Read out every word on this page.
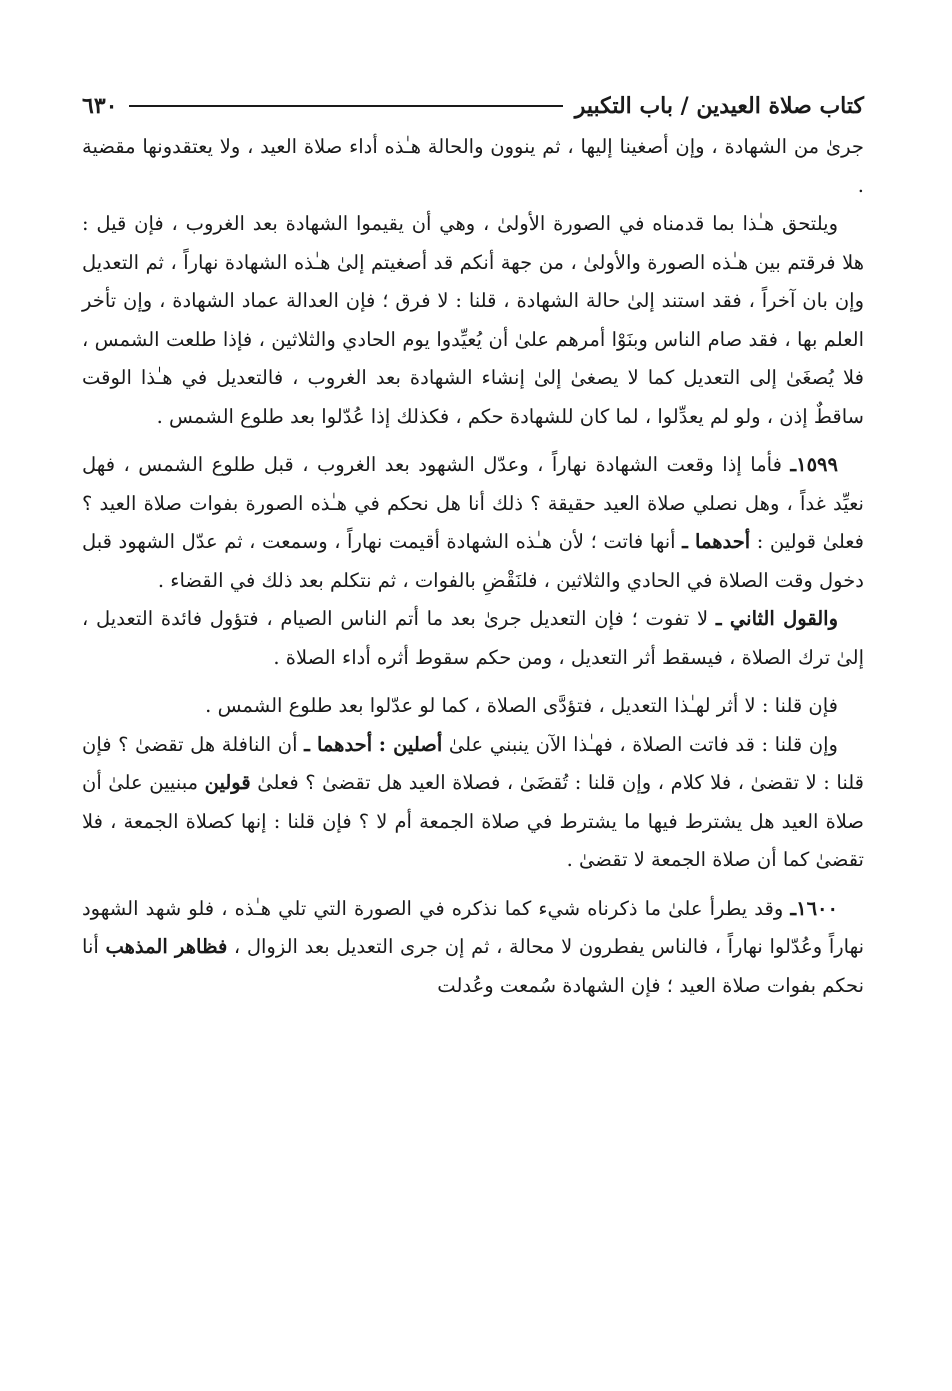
كتاب صلاة العيدين / باب التكبير
٦٣٠

جرىٰ من الشهادة ، وإن أصغينا إليها ، ثم ينوون والحالة هـٰذه أداء صلاة العيد ، ولا يعتقدونها مقضية .

ويلتحق هـٰذا بما قدمناه في الصورة الأولىٰ ، وهي أن يقيموا الشهادة بعد الغروب ، فإن قيل : هلا فرقتم بين هـٰذه الصورة والأولىٰ ، من جهة أنكم قد أصغيتم إلىٰ هـٰذه الشهادة نهاراً ، ثم التعديل وإن بان آخراً ، فقد استند إلىٰ حالة الشهادة ، قلنا : لا فرق ؛ فإن العدالة عماد الشهادة ، وإن تأخر العلم بها ، فقد صام الناس وبنَوْا أمرهم علىٰ أن يُعيِّدوا يوم الحادي والثلاثين ، فإذا طلعت الشمس ، فلا يُصغَىٰ إلى التعديل كما لا يصغىٰ إلىٰ إنشاء الشهادة بعد الغروب ، فالتعديل في هـٰذا الوقت ساقطٌ إذن ، ولو لم يعدِّلوا ، لما كان للشهادة حكم ، فكذلك إذا عُدّلوا بعد طلوع الشمس .

١٥٩٩ـ فأما إذا وقعت الشهادة نهاراً ، وعدّل الشهود بعد الغروب ، قبل طلوع الشمس ، فهل نعيِّد غداً ، وهل نصلي صلاة العيد حقيقة ؟ ذلك أنا هل نحكم في هـٰذه الصورة بفوات صلاة العيد ؟ فعلىٰ قولين : أحدهما ـ أنها فاتت ؛ لأن هـٰذه الشهادة أقيمت نهاراً ، وسمعت ، ثم عدّل الشهود قبل دخول وقت الصلاة في الحادي والثلاثين ، فلنَقْضِ بالفوات ، ثم نتكلم بعد ذلك في القضاء .

والقول الثاني ـ لا تفوت ؛ فإن التعديل جرىٰ بعد ما أتم الناس الصيام ، فتؤول فائدة التعديل ، إلىٰ ترك الصلاة ، فيسقط أثر التعديل ، ومن حكم سقوط أثره أداء الصلاة .

فإن قلنا : لا أثر لهـٰذا التعديل ، فتؤدَّى الصلاة ، كما لو عدّلوا بعد طلوع الشمس .

وإن قلنا : قد فاتت الصلاة ، فهـٰذا الآن ينبني علىٰ أصلين : أحدهما ـ أن النافلة هل تقضىٰ ؟ فإن قلنا : لا تقضىٰ ، فلا كلام ، وإن قلنا : تُقضَىٰ ، فصلاة العيد هل تقضىٰ ؟ فعلىٰ قولين مبنيين علىٰ أن صلاة العيد هل يشترط فيها ما يشترط في صلاة الجمعة أم لا ؟ فإن قلنا : إنها كصلاة الجمعة ، فلا تقضىٰ كما أن صلاة الجمعة لا تقضىٰ .

١٦٠٠ـ وقد يطرأ علىٰ ما ذكرناه شيء كما نذكره في الصورة التي تلي هـٰذه ، فلو شهد الشهود نهاراً وعُدّلوا نهاراً ، فالناس يفطرون لا محالة ، ثم إن جرى التعديل بعد الزوال ، فظاهر المذهب أنا نحكم بفوات صلاة العيد ؛ فإن الشهادة سُمعت وعُدلت
